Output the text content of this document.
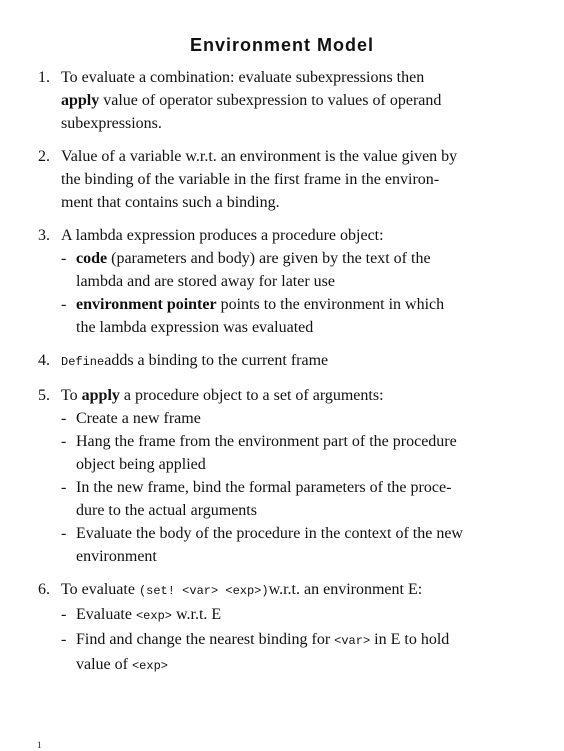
Environment Model
1. To evaluate a combination: evaluate subexpressions then
apply value of operator subexpression to values of operand
subexpressions.
2. Value of a variable w.r.t. an environment is the value given by
the binding of the variable in the first frame in the environ-
ment that contains such a binding.
3. A lambda expression produces a procedure object:
- code (parameters and body) are given by the text of the
lambda and are stored away for later use
- environment pointer points to the environment in which
the lambda expression was evaluated
4. Defineadds a binding to the current frame
5. To apply a procedure object to a set of arguments:
- Create a new frame
- Hang the frame from the environment part of the procedure
object being applied
- In the new frame, bind the formal parameters of the proce-
dure to the actual arguments
- Evaluate the body of the procedure in the context of the new
environment
6. To evaluate (set! <var> <exp>)w.r.t. an environment E:
- Evaluate <exp> w.r.t. E
- Find and change the nearest binding for <var> in E to hold
value of <exp>
1
